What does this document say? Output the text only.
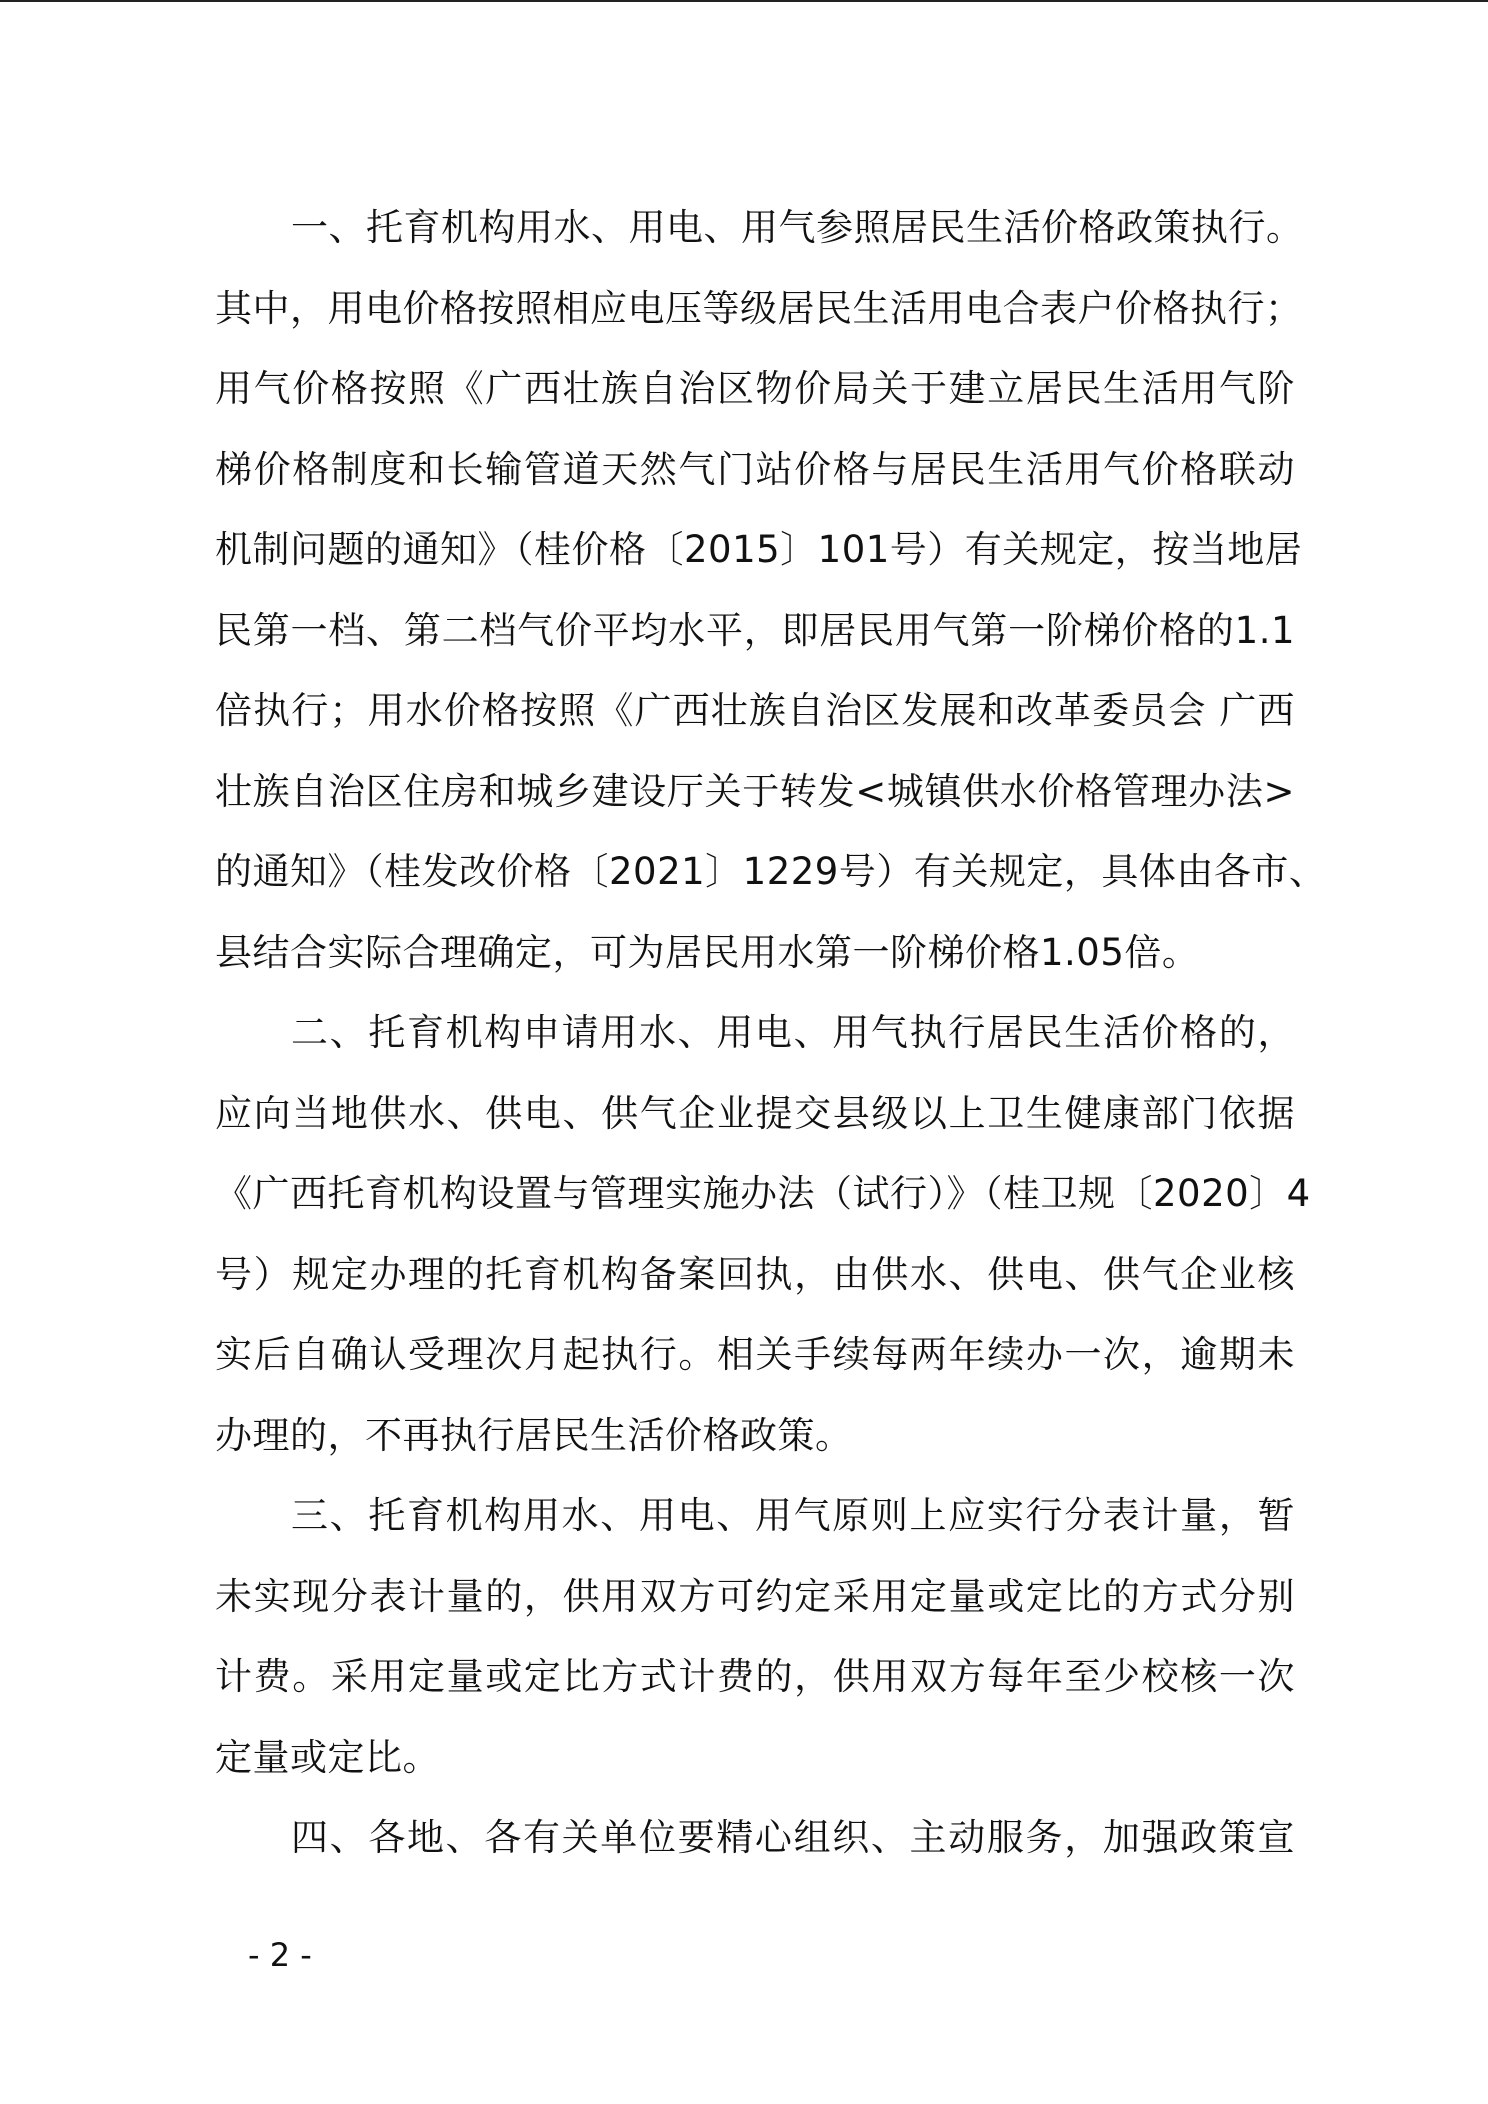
一、托育机构用水、用电、用气参照居民生活价格政策执行。
其中，用电价格按照相应电压等级居民生活用电合表户价格执行；
用气价格按照《广西壮族自治区物价局关于建立居民生活用气阶
梯价格制度和长输管道天然气门站价格与居民生活用气价格联动
机制问题的通知》（桂价格〔2015〕101号）有关规定，按当地居
民第一档、第二档气价平均水平，即居民用气第一阶梯价格的1.1
倍执行；用水价格按照《广西壮族自治区发展和改革委员会 广西
壮族自治区住房和城乡建设厅关于转发<城镇供水价格管理办法>
的通知》（桂发改价格〔2021〕1229号）有关规定，具体由各市、
县结合实际合理确定，可为居民用水第一阶梯价格1.05倍。
二、托育机构申请用水、用电、用气执行居民生活价格的，
应向当地供水、供电、供气企业提交县级以上卫生健康部门依据
《广西托育机构设置与管理实施办法（试行）》（桂卫规〔2020〕4
号）规定办理的托育机构备案回执，由供水、供电、供气企业核
实后自确认受理次月起执行。相关手续每两年续办一次，逾期未
办理的，不再执行居民生活价格政策。
三、托育机构用水、用电、用气原则上应实行分表计量，暂
未实现分表计量的，供用双方可约定采用定量或定比的方式分别
计费。采用定量或定比方式计费的，供用双方每年至少校核一次
定量或定比。
四、各地、各有关单位要精心组织、主动服务，加强政策宣
- 2 -
